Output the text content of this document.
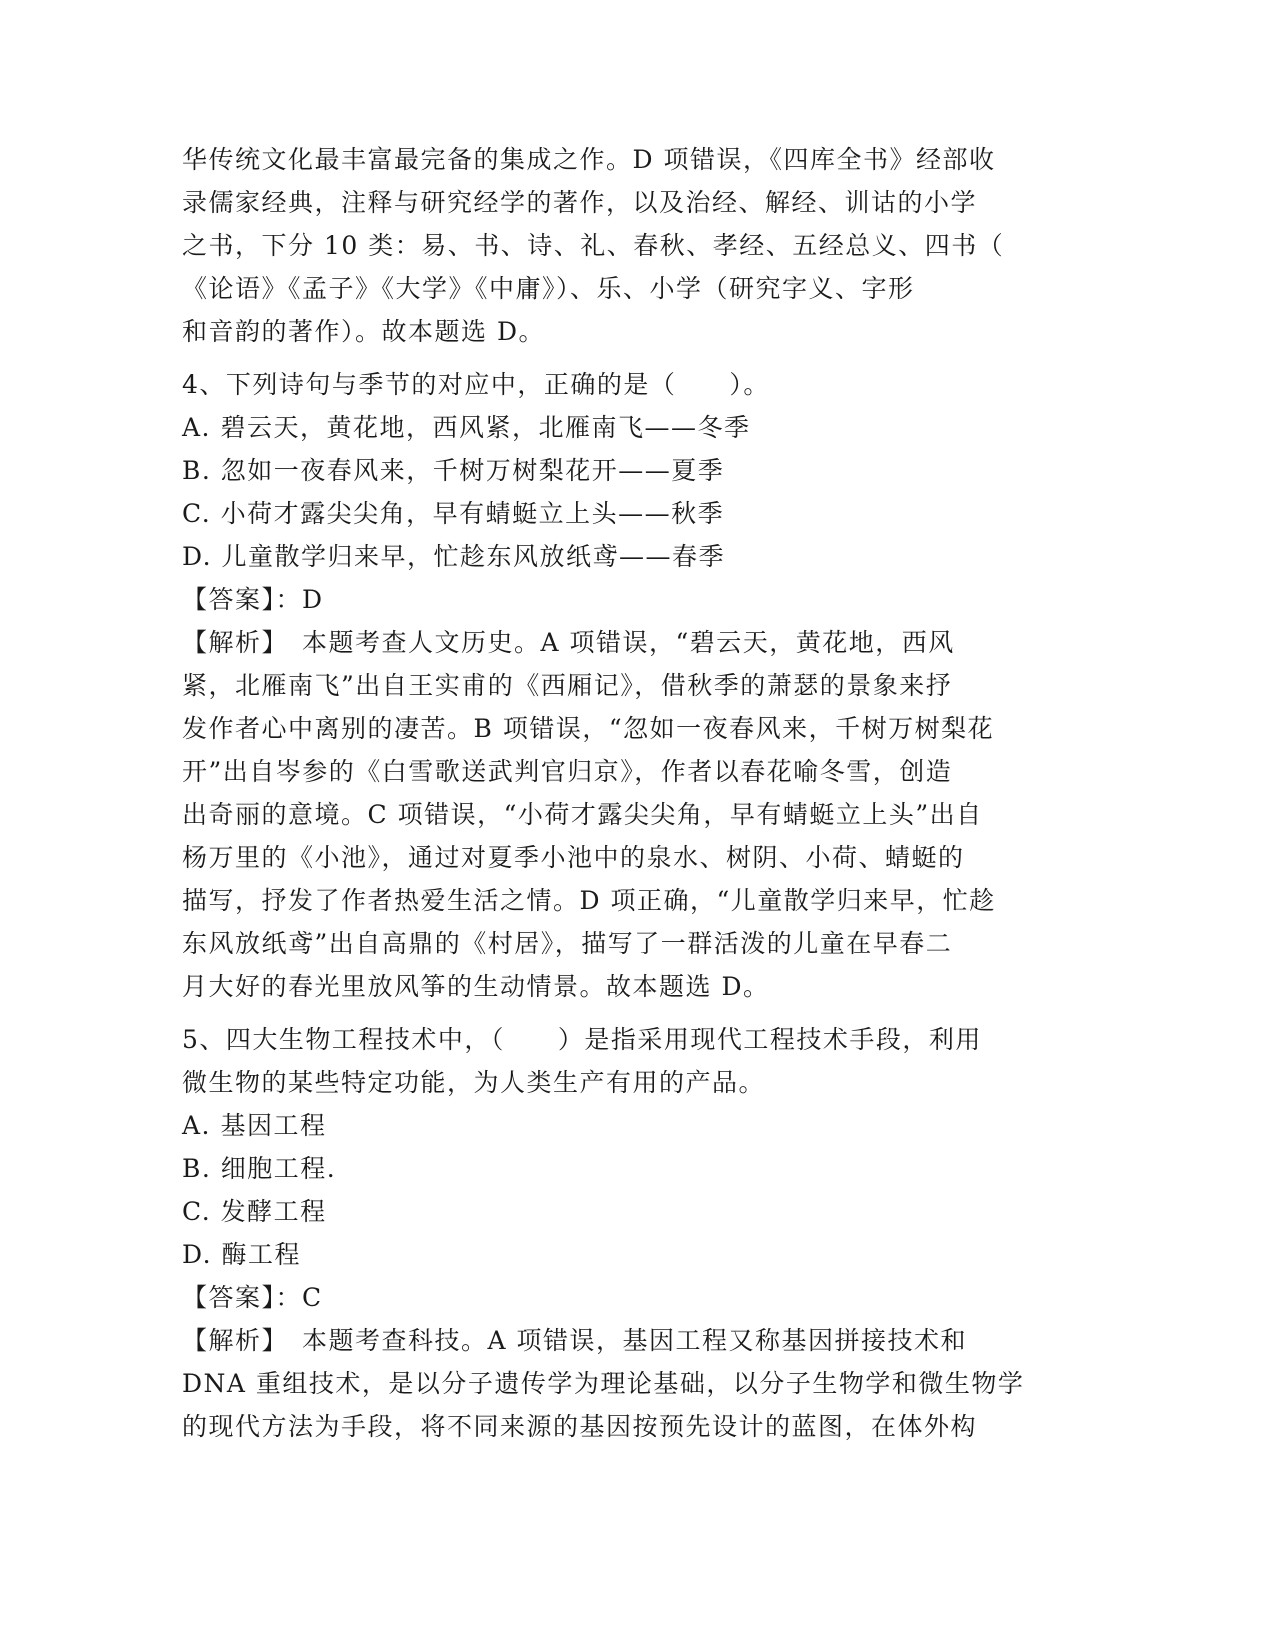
华传统文化最丰富最完备的集成之作。D 项错误，《四库全书》经部收
录儒家经典，注释与研究经学的著作，以及治经、解经、训诂的小学
之书，下分 10 类：易、书、诗、礼、春秋、孝经、五经总义、四书（
《论语》《孟子》《大学》《中庸》）、乐、小学（研究字义、字形
和音韵的著作）。故本题选 D。
4、下列诗句与季节的对应中，正确的是（　　）。
A. 碧云天，黄花地，西风紧，北雁南飞——冬季
B. 忽如一夜春风来，千树万树梨花开——夏季
C. 小荷才露尖尖角，早有蜻蜓立上头——秋季
D. 儿童散学归来早，忙趁东风放纸鸢——春季
【答案】：D
【解析】　本题考查人文历史。A 项错误，“碧云天，黄花地，西风
紧，北雁南飞”出自王实甫的《西厢记》，借秋季的萧瑟的景象来抒
发作者心中离别的凄苦。B 项错误，“忽如一夜春风来，千树万树梨花
开”出自岑参的《白雪歌送武判官归京》，作者以春花喻冬雪，创造
出奇丽的意境。C 项错误，“小荷才露尖尖角，早有蜻蜓立上头”出自
杨万里的《小池》，通过对夏季小池中的泉水、树阴、小荷、蜻蜓的
描写，抒发了作者热爱生活之情。D 项正确，“儿童散学归来早，忙趁
东风放纸鸢”出自高鼎的《村居》，描写了一群活泼的儿童在早春二
月大好的春光里放风筝的生动情景。故本题选 D。
5、四大生物工程技术中，（　　）是指采用现代工程技术手段，利用
微生物的某些特定功能，为人类生产有用的产品。
A. 基因工程
B. 细胞工程.
C. 发酵工程
D. 酶工程
【答案】：C
【解析】　本题考查科技。A 项错误，基因工程又称基因拼接技术和
DNA 重组技术，是以分子遗传学为理论基础，以分子生物学和微生物学
的现代方法为手段，将不同来源的基因按预先设计的蓝图，在体外构
